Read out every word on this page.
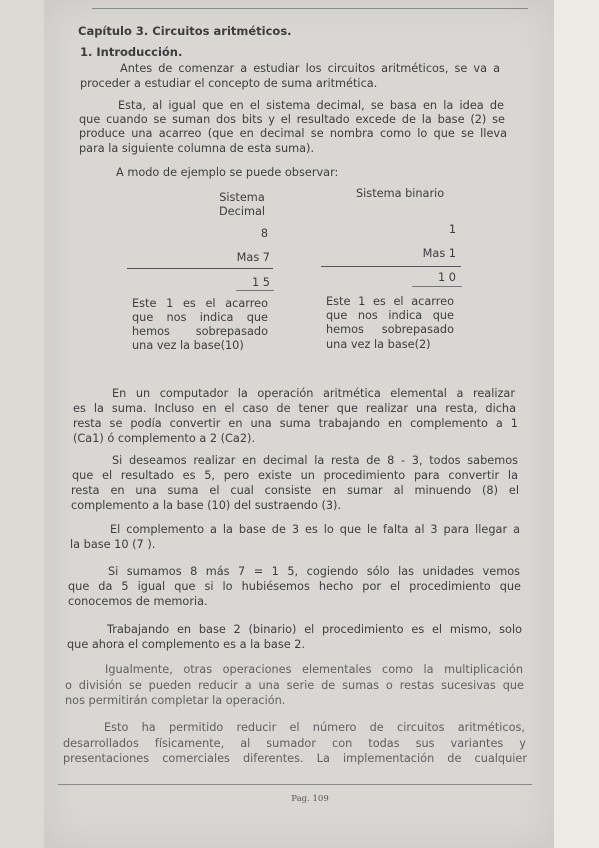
Capítulo 3. Circuitos aritméticos.
1. Introducción.
Antes de comenzar a estudiar los circuitos aritméticos, se va a
proceder a estudiar el concepto de suma aritmética.
Esta, al igual que en el sistema decimal, se basa en la idea de
que cuando se suman dos bits y el resultado excede de la base (2) se
produce una acarreo (que en decimal se nombra como lo que se lleva
para la siguiente columna de esta suma).
A modo de ejemplo se puede observar:
Sistema
Decimal
8
Mas 7
1 5
Este 1 es el acarreo
que nos indica que
hemos sobrepasado
una vez la base(10)
Sistema binario
1
Mas 1
1 0
Este 1 es el acarreo
que nos indica que
hemos sobrepasado
una vez la base(2)
En un computador la operación aritmética elemental a realizar
es la suma. Incluso en el caso de tener que realizar una resta, dicha
resta se podía convertir en una suma trabajando en complemento a 1
(Ca1) ó complemento a 2 (Ca2).
Si deseamos realizar en decimal la resta de 8 - 3, todos sabemos
que el resultado es 5, pero existe un procedimiento para convertir la
resta en una suma el cual consiste en sumar al minuendo (8) el
complemento a la base (10) del sustraendo (3).
El complemento a la base de 3 es lo que le falta al 3 para llegar a
la base 10 (7 ).
Si sumamos 8 más 7 = 1 5, cogiendo sólo las unidades vemos
que da 5 igual que si lo hubiésemos hecho por el procedimiento que
conocemos de memoria.
Trabajando en base 2 (binario) el procedimiento es el mismo, solo
que ahora el complemento es a la base 2.
Igualmente, otras operaciones elementales como la multiplicación
o división se pueden reducir a una serie de sumas o restas sucesivas que
nos permitirán completar la operación.
Esto ha permitido reducir el número de circuitos aritméticos,
desarrollados físicamente, al sumador con todas sus variantes y
presentaciones comerciales diferentes. La implementación de cualquier
Pag. 109
